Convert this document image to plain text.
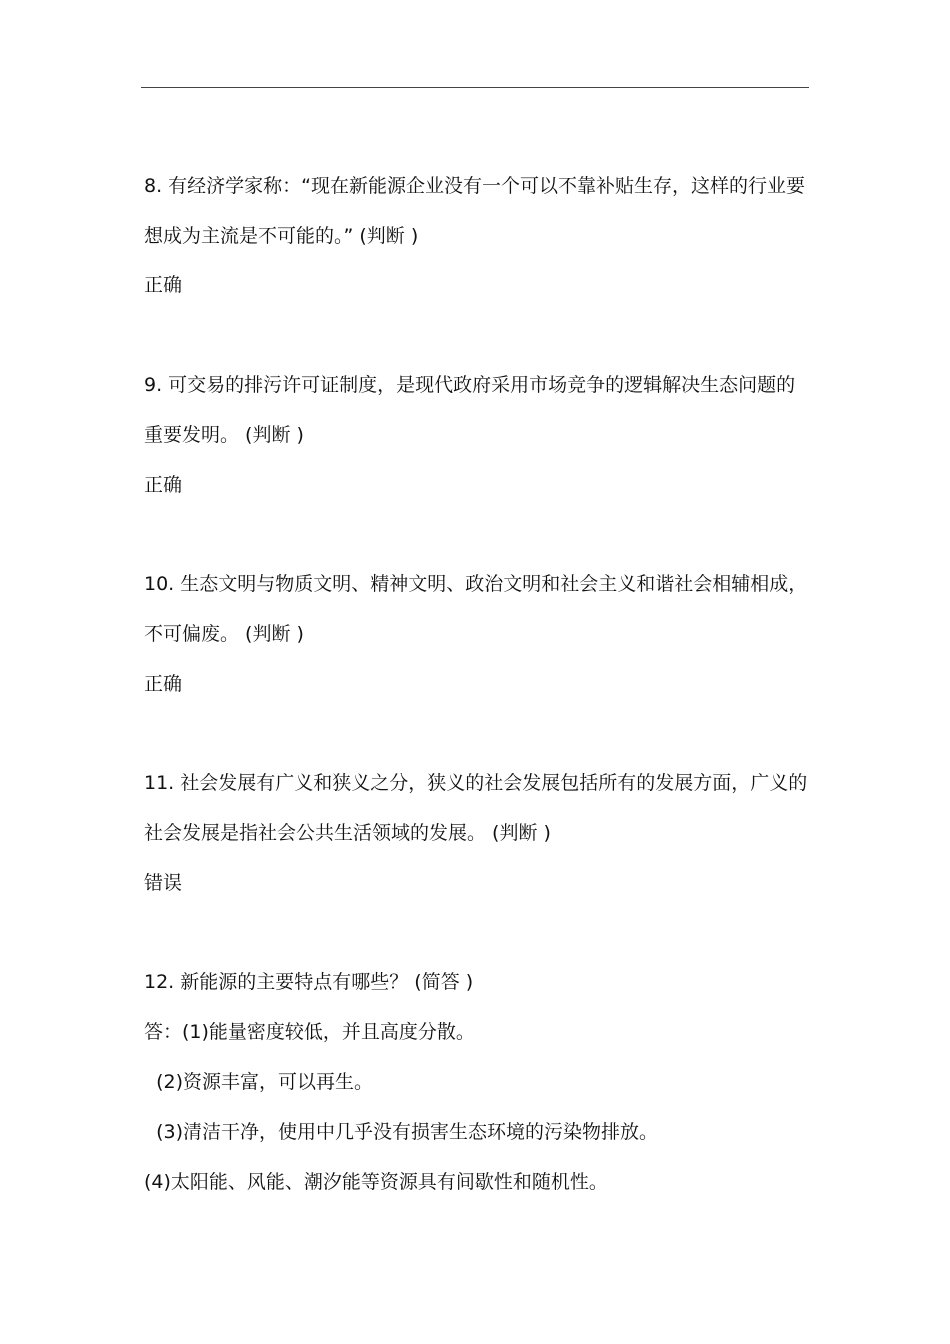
8. 有经济学家称：“现在新能源企业没有一个可以不靠补贴生存，这样的行业要
想成为主流是不可能的。” (判断 )
正确
9. 可交易的排污许可证制度，是现代政府采用市场竞争的逻辑解决生态问题的
重要发明。 (判断 )
正确
10. 生态文明与物质文明、精神文明、政治文明和社会主义和谐社会相辅相成，
不可偏废。 (判断 )
正确
11. 社会发展有广义和狭义之分，狭义的社会发展包括所有的发展方面，广义的
社会发展是指社会公共生活领域的发展。 (判断 )
错误
12. 新能源的主要特点有哪些？ (简答 )
答：(1)能量密度较低，并且高度分散。
(2)资源丰富，可以再生。
(3)清洁干净，使用中几乎没有损害生态环境的污染物排放。
(4)太阳能、风能、潮汐能等资源具有间歇性和随机性。
